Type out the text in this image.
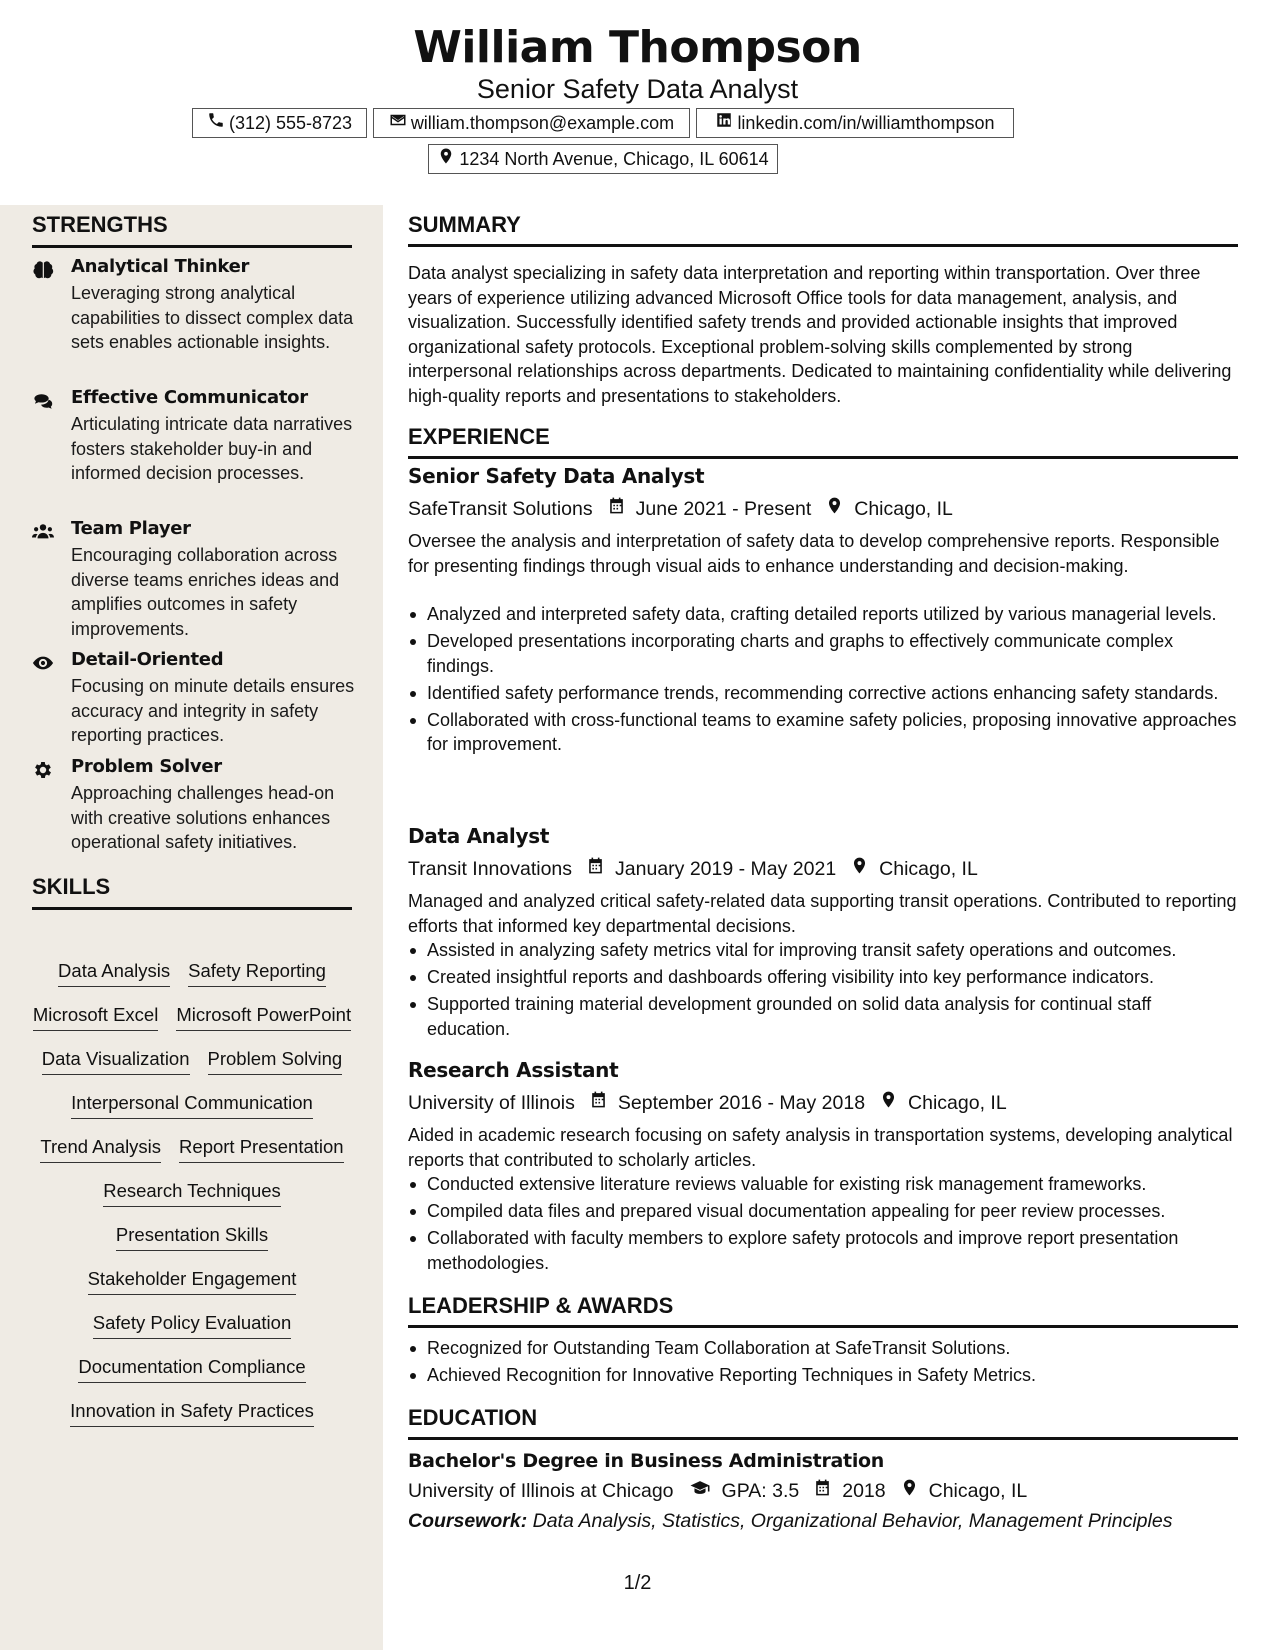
William Thompson
Senior Safety Data Analyst
(312) 555-8723	william.thompson@example.com	linkedin.com/in/williamthompson
1234 North Avenue, Chicago, IL 60614
STRENGTHS
Analytical Thinker
Leveraging strong analytical capabilities to dissect complex data sets enables actionable insights.
Effective Communicator
Articulating intricate data narratives fosters stakeholder buy-in and informed decision processes.
Team Player
Encouraging collaboration across diverse teams enriches ideas and amplifies outcomes in safety improvements.
Detail-Oriented
Focusing on minute details ensures accuracy and integrity in safety reporting practices.
Problem Solver
Approaching challenges head-on with creative solutions enhances operational safety initiatives.
SKILLS
Data Analysis Safety Reporting
Microsoft Excel Microsoft PowerPoint
Data Visualization Problem Solving
Interpersonal Communication
Trend Analysis Report Presentation
Research Techniques
Presentation Skills
Stakeholder Engagement
Safety Policy Evaluation
Documentation Compliance
Innovation in Safety Practices
SUMMARY
Data analyst specializing in safety data interpretation and reporting within transportation. Over three years of experience utilizing advanced Microsoft Office tools for data management, analysis, and visualization. Successfully identified safety trends and provided actionable insights that improved organizational safety protocols. Exceptional problem-solving skills complemented by strong interpersonal relationships across departments. Dedicated to maintaining confidentiality while delivering high-quality reports and presentations to stakeholders.
EXPERIENCE
Senior Safety Data Analyst
SafeTransit Solutions June 2021 - Present Chicago, IL
Oversee the analysis and interpretation of safety data to develop comprehensive reports. Responsible for presenting findings through visual aids to enhance understanding and decision-making.
Analyzed and interpreted safety data, crafting detailed reports utilized by various managerial levels.
Developed presentations incorporating charts and graphs to effectively communicate complex findings.
Identified safety performance trends, recommending corrective actions enhancing safety standards.
Collaborated with cross-functional teams to examine safety policies, proposing innovative approaches for improvement.
Data Analyst
Transit Innovations January 2019 - May 2021 Chicago, IL
Managed and analyzed critical safety-related data supporting transit operations. Contributed to reporting efforts that informed key departmental decisions.
Assisted in analyzing safety metrics vital for improving transit safety operations and outcomes.
Created insightful reports and dashboards offering visibility into key performance indicators.
Supported training material development grounded on solid data analysis for continual staff education.
Research Assistant
University of Illinois September 2016 - May 2018 Chicago, IL
Aided in academic research focusing on safety analysis in transportation systems, developing analytical reports that contributed to scholarly articles.
Conducted extensive literature reviews valuable for existing risk management frameworks.
Compiled data files and prepared visual documentation appealing for peer review processes.
Collaborated with faculty members to explore safety protocols and improve report presentation methodologies.
LEADERSHIP & AWARDS
Recognized for Outstanding Team Collaboration at SafeTransit Solutions.
Achieved Recognition for Innovative Reporting Techniques in Safety Metrics.
EDUCATION
Bachelor's Degree in Business Administration
University of Illinois at Chicago GPA: 3.5 2018 Chicago, IL
Coursework: Data Analysis, Statistics, Organizational Behavior, Management Principles
1/2
